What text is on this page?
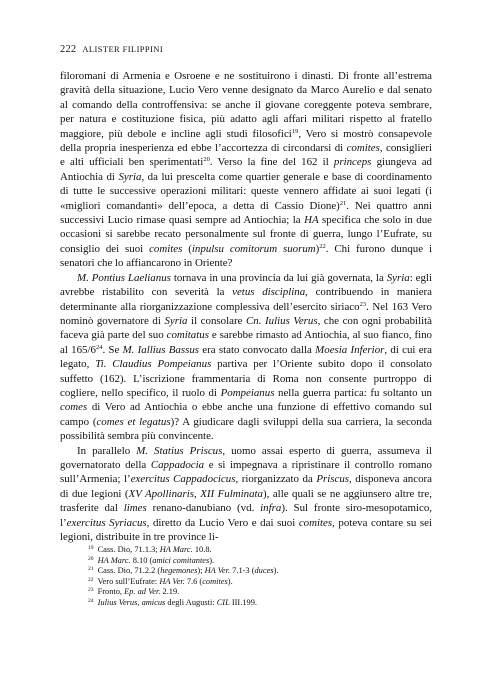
222 ALISTER FILIPPINI

filoromani di Armenia e Osroene e ne sostituirono i dinasti. Di fronte all’estrema gravità della situazione, Lucio Vero venne designato da Marco Aurelio e dal senato al comando della controffensiva: se anche il giovane coreggente poteva sembrare, per natura e costituzione fisica, più adatto agli affari militari rispetto al fratello maggiore, più debole e incline agli studi filosofici$^{19}$, Vero si mostrò consapevole della propria inesperienza ed ebbe l’accortezza di circondarsi di comites, consiglieri e alti ufficiali ben sperimentati$^{20}$. Verso la fine del 162 il princeps giungeva ad Antiochia di Syria, da lui prescelta come quartier generale e base di coordinamento di tutte le successive operazioni militari: queste vennero affidate ai suoi legati (i «migliori comandanti» dell’epoca, a detta di Cassio Dione)$^{21}$. Nei quattro anni successivi Lucio rimase quasi sempre ad Antiochia; la HA specifica che solo in due occasioni si sarebbe recato personalmente sul fronte di guerra, lungo l’Eufrate, su consiglio dei suoi comites (inpulsu comitorum suorum)$^{22}$. Chi furono dunque i senatori che lo affiancarono in Oriente?

M. Pontius Laelianus tornava in una provincia da lui già governata, la Syria: egli avrebbe ristabilito con severità la vetus disciplina, contribuendo in maniera determinante alla riorganizzazione complessiva dell’esercito siriaco$^{23}$. Nel 163 Vero nominò governatore di Syria il consolare Cn. Iulius Verus, che con ogni probabilità faceva già parte del suo comitatus e sarebbe rimasto ad Antiochia, al suo fianco, fino al $165/6^{24}$. Se M. Iallius Bassus era stato convocato dalla Moesia Inferior, di cui era legato, Ti. Claudius Pompeianus partiva per l’Oriente subito dopo il consolato suffetto (162). L’iscrizione frammentaria di Roma non consente purtroppo di coglierе, nello specifico, il ruolo di Pompeianus nella guerra partica: fu soltanto un comes di Vero ad Antiochia o ebbe anche una funzione di effettivo comando sul campo (comes et legatus)? A giudicare dagli sviluppi della sua carriera, la seconda possibilità sembra più convincente.

In parallelo M. Statius Priscus, uomo assai esperto di guerra, assumeva il governatorato della Cappadocia e si impegnava a ripristinare il controllo romano sull’Armenia; l’exercitus Cappadocicus, riorganizzato da Priscus, disponeva ancora di due legioni (XV Apollinaris, XII Fulminata), alle quali se ne aggiunsero altre tre, trasferite dal limes renano-danubiano (vd. infra). Sul fronte siro-mesopotamico, l’exercitus Syriacus, diretto da Lucio Vero e dai suoi comites, poteva contare su sei legioni, distribuite in tre province li-

$^{19}$ Cass. Dio, 71.1.3; HA Marc. 10.8.
$^{20}$ HA Marc. 8.10 (amici comitantes).
$^{21}$ Cass. Dio, 71.2.2 (hegemones); HA Ver. 7.1-3 (duces).
$^{22}$ Vero sull’Eufrate: HA Ver. 7.6 (comites).
$^{23}$ Fronto, Ep. ad Ver. 2.19.
$^{24}$ Iulius Verus, amicus degli Augusti: CIL III.199.
